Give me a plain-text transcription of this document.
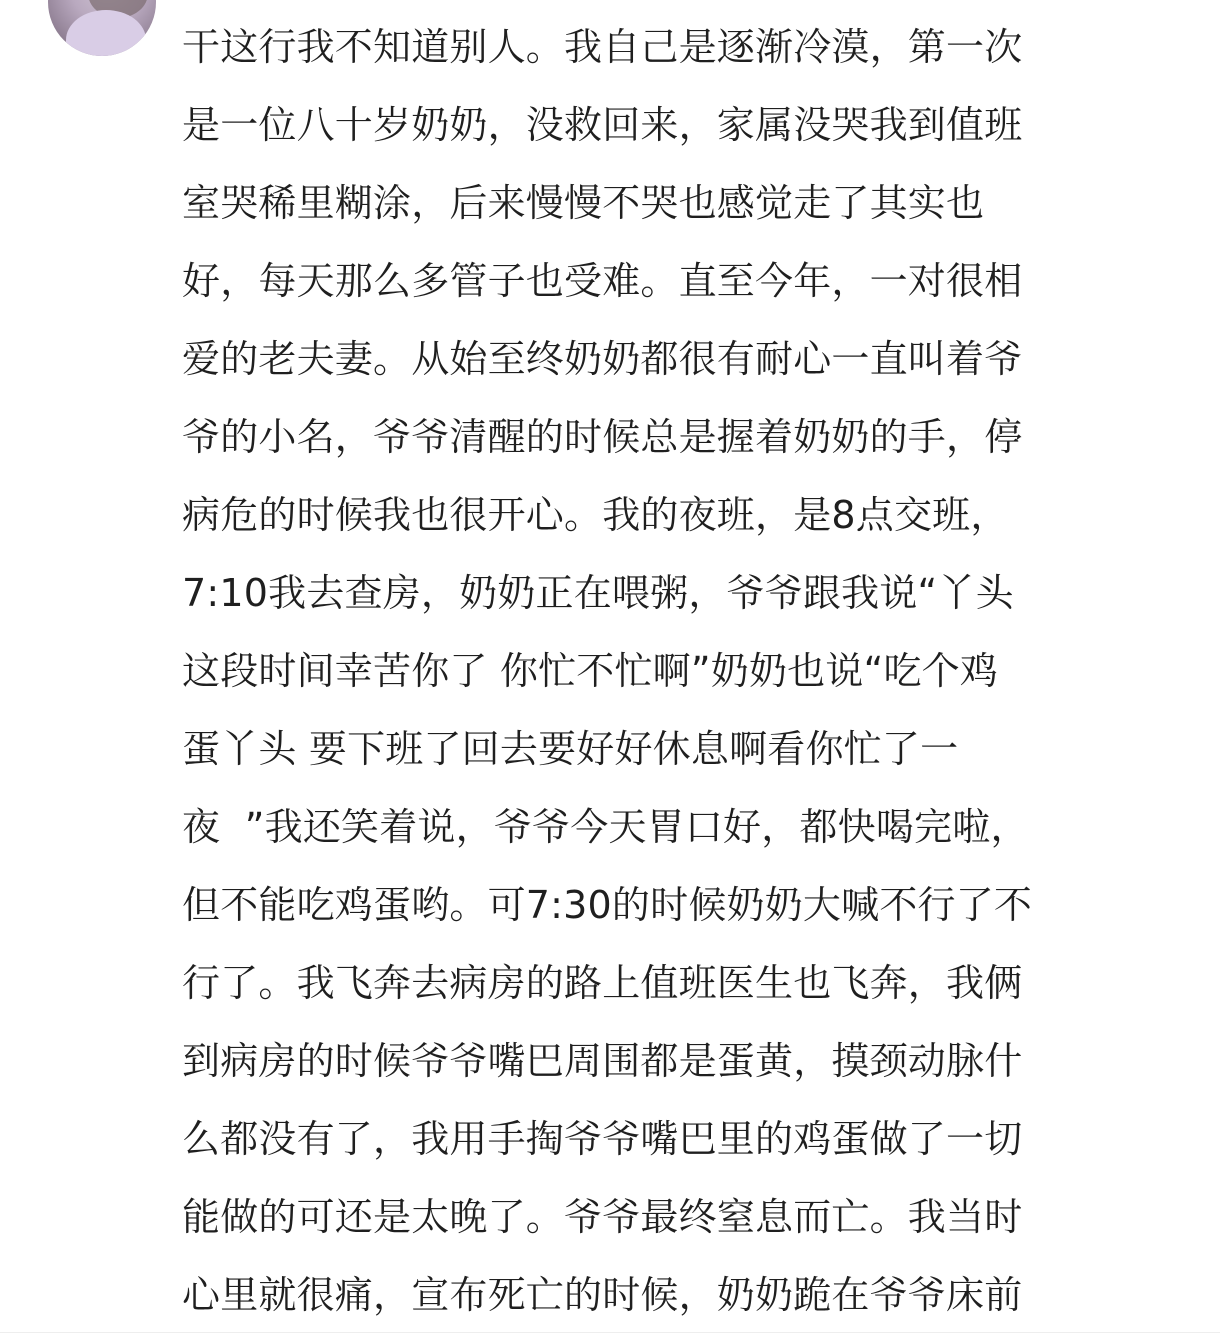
干这行我不知道别人。我自己是逐渐冷漠，第一次
是一位八十岁奶奶，没救回来，家属没哭我到值班
室哭稀里糊涂，后来慢慢不哭也感觉走了其实也
好，每天那么多管子也受难。直至今年，一对很相
爱的老夫妻。从始至终奶奶都很有耐心一直叫着爷
爷的小名，爷爷清醒的时候总是握着奶奶的手，停
病危的时候我也很开心。我的夜班，是8点交班，
7:10我去查房，奶奶正在喂粥，爷爷跟我说“丫头
这段时间幸苦你了 你忙不忙啊”奶奶也说“吃个鸡
蛋丫头 要下班了回去要好好休息啊看你忙了一
夜  ”我还笑着说，爷爷今天胃口好，都快喝完啦，
但不能吃鸡蛋哟。可7:30的时候奶奶大喊不行了不
行了。我飞奔去病房的路上值班医生也飞奔，我俩
到病房的时候爷爷嘴巴周围都是蛋黄，摸颈动脉什
么都没有了，我用手掏爷爷嘴巴里的鸡蛋做了一切
能做的可还是太晚了。爷爷最终窒息而亡。我当时
心里就很痛，宣布死亡的时候，奶奶跪在爷爷床前
